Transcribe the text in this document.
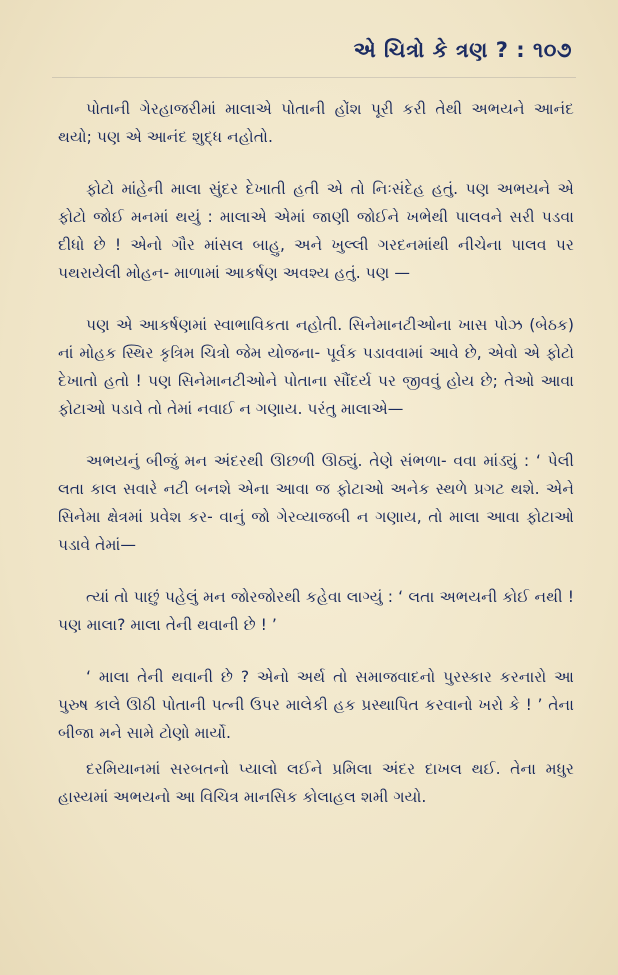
એ ચિત્રો કે ત્રણ ? : ૧૦૭

પોતાની ગેરહાજરીમાં માલાએ પોતાની હોંશ પૂરી કરી તેથી અભયને આનંદ થયો; પણ એ આનંદ શુદ્ધ નહોતો.

ફોટો માંહેની માલા સુંદર દેખાતી હતી એ તો નિઃસંદેહ હતું. પણ અભયને એ ફોટો જોઈ મનમાં થયું : માલાએ એમાં જાણી જોઈને ખભેથી પાલવને સરી પડવા દીધો છે ! એનો ગૌર માંસલ બાહુ, અને ખુલ્લી ગરદનમાંથી નીચેના પાલવ પર પથરાયેલી મોહન- માળામાં આકર્ષણ અવશ્ય હતું. પણ —

પણ એ આકર્ષણમાં સ્વાભાવિકતા નહોતી. સિનેમાનટીઓના ખાસ પોઝ (બેઠક) નાં મોહક સ્થિર કૃત્રિમ ચિત્રો જેમ યોજના- પૂર્વક પડાવવામાં આવે છે, એવો એ ફોટો દેખાતો હતો ! પણ સિનેમાનટીઓને પોતાના સૌંદર્ય પર જીવવું હોય છે; તેઓ આવા ફોટાઓ પડાવે તો તેમાં નવાઈ ન ગણાય. પરંતુ માલાએ—

અભયનું બીજું મન અંદરથી ઊછળી ઊઠ્યું. તેણે સંભળા- વવા માંડ્યું : ‘ પેલી લતા કાલ સવારે નટી બનશે એના આવા જ ફોટાઓ અનેક સ્થળે પ્રગટ થશે. એને સિનેમા ક્ષેત્રમાં પ્રવેશ કર- વાનું જો ગેરવ્યાજબી ન ગણાય, તો માલા આવા ફોટાઓ પડાવે તેમાં—

ત્યાં તો પાછું પહેલું મન જોરજોરથી કહેવા લાગ્યું : ‘ લતા અભયની કોઈ નથી ! પણ માલા? માલા તેની થવાની છે ! ’

‘ માલા તેની થવાની છે ? એનો અર્થ તો સમાજવાદનો પુરસ્કાર કરનારો આ પુરુષ કાલે ઊઠી પોતાની પત્ની ઉપર માલેકી હક પ્રસ્થાપિત કરવાનો ખરો કે ! ’ તેના બીજા મને સામે ટોણો માર્યો.

દરમિયાનમાં સરબતનો પ્યાલો લઈને પ્રમિલા અંદર દાખલ થઈ. તેના મધુર હાસ્યમાં અભયનો આ વિચિત્ર માનસિક કોલાહલ શમી ગયો.
